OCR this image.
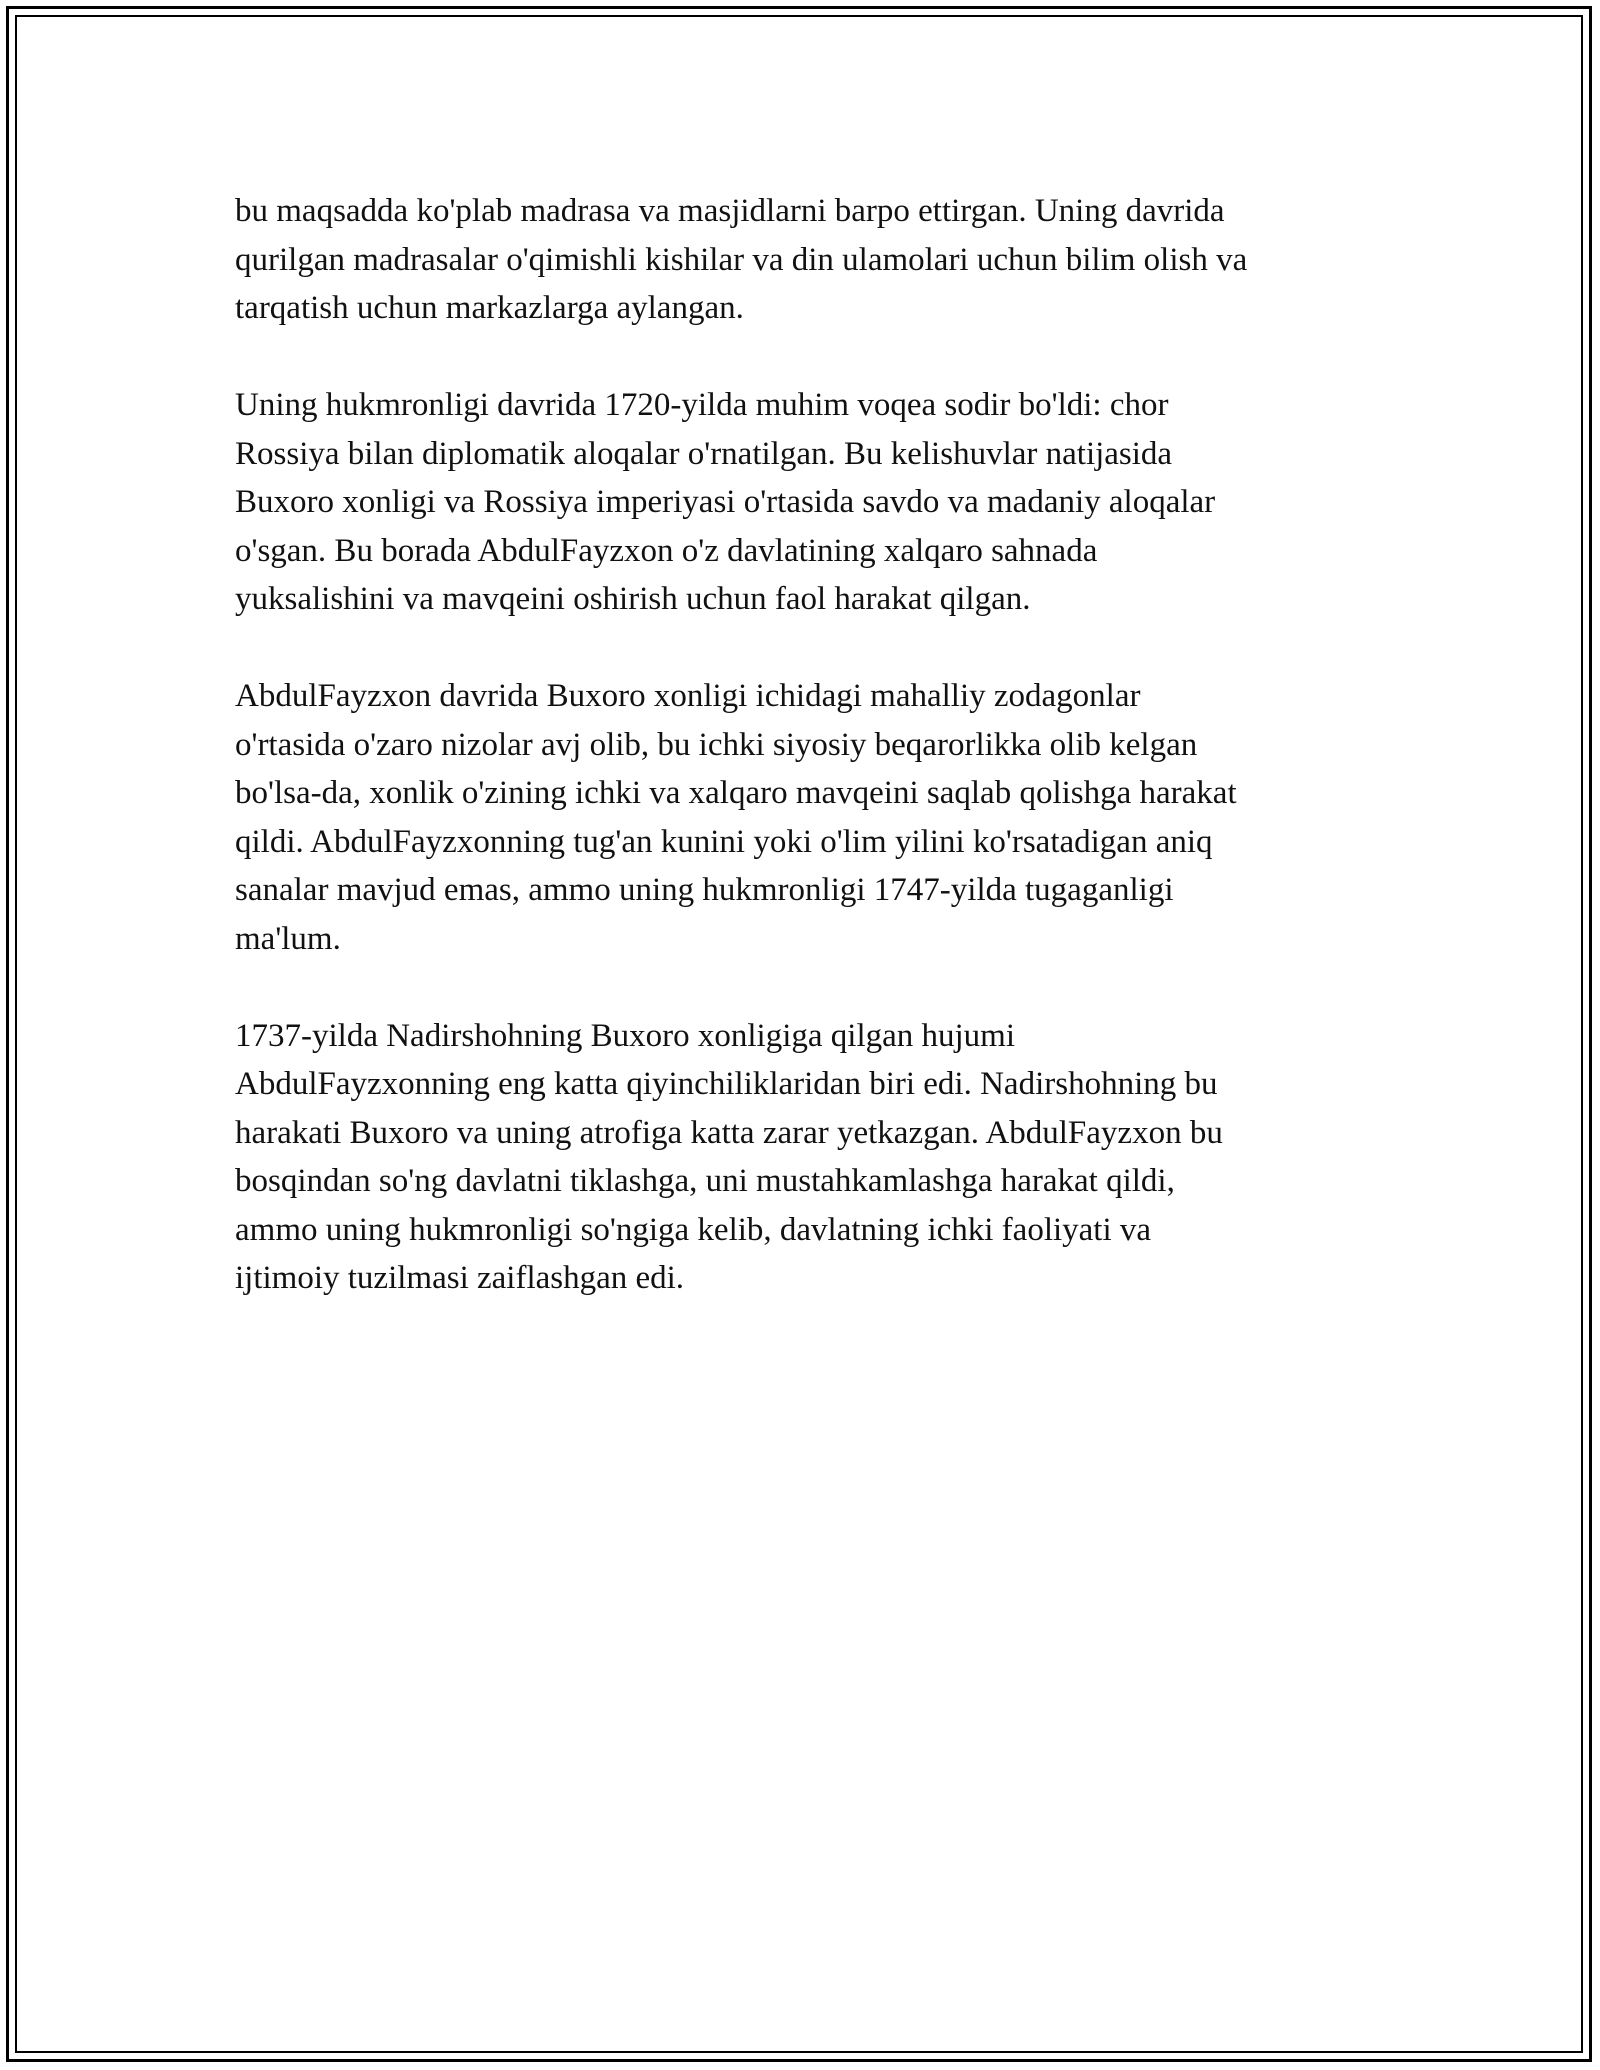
bu maqsadda ko'plab madrasa va masjidlarni barpo ettirgan. Uning davrida
qurilgan madrasalar o'qimishli kishilar va din ulamolari uchun bilim olish va
tarqatish uchun markazlarga aylangan.

Uning hukmronligi davrida 1720-yilda muhim voqea sodir bo'ldi: chor
Rossiya bilan diplomatik aloqalar o'rnatilgan. Bu kelishuvlar natijasida
Buxoro xonligi va Rossiya imperiyasi o'rtasida savdo va madaniy aloqalar
o'sgan. Bu borada AbdulFayzxon o'z davlatining xalqaro sahnada
yuksalishini va mavqeini oshirish uchun faol harakat qilgan.

AbdulFayzxon davrida Buxoro xonligi ichidagi mahalliy zodagonlar
o'rtasida o'zaro nizolar avj olib, bu ichki siyosiy beqarorlikka olib kelgan
bo'lsa-da, xonlik o'zining ichki va xalqaro mavqeini saqlab qolishga harakat
qildi. AbdulFayzxonning tug'an kunini yoki o'lim yilini ko'rsatadigan aniq
sanalar mavjud emas, ammo uning hukmronligi 1747-yilda tugaganligi
ma'lum.

1737-yilda Nadirshohning Buxoro xonligiga qilgan hujumi
AbdulFayzxonning eng katta qiyinchiliklaridan biri edi. Nadirshohning bu
harakati Buxoro va uning atrofiga katta zarar yetkazgan. AbdulFayzxon bu
bosqindan so'ng davlatni tiklashga, uni mustahkamlashga harakat qildi,
ammo uning hukmronligi so'ngiga kelib, davlatning ichki faoliyati va
ijtimoiy tuzilmasi zaiflashgan edi.
